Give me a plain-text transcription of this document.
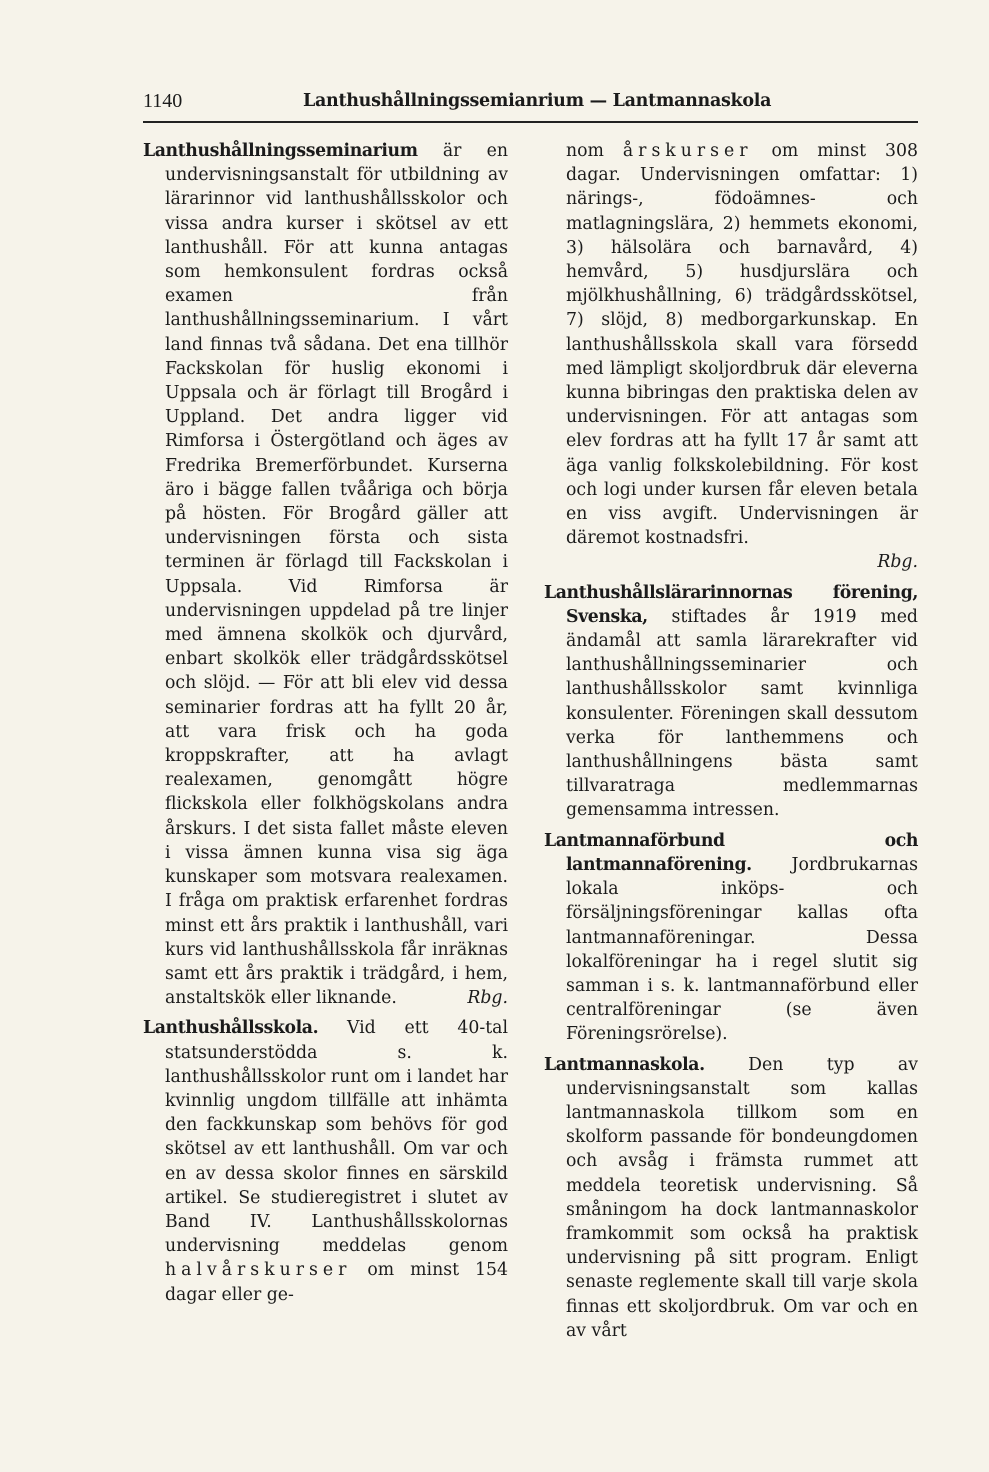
1140	Lanthushållningssemianrium — Lantmannaskola

Lanthushållningsseminarium är en undervisningsanstalt för utbildning av lärarinnor vid lanthushållsskolor och vissa andra kurser i skötsel av ett lanthushåll. För att kunna antagas som hemkonsulent fordras också examen från lanthushållningsseminarium. I vårt land finnas två sådana. Det ena tillhör Fackskolan för huslig ekonomi i Uppsala och är förlagt till Brogård i Uppland. Det andra ligger vid Rimforsa i Östergötland och äges av Fredrika Bremerförbundet. Kurserna äro i bägge fallen tvååriga och börja på hösten. För Brogård gäller att undervisningen första och sista terminen är förlagd till Fackskolan i Uppsala. Vid Rimforsa är undervisningen uppdelad på tre linjer med ämnena skolkök och djurvård, enbart skolkök eller trädgårdsskötsel och slöjd. — För att bli elev vid dessa seminarier fordras att ha fyllt 20 år, att vara frisk och ha goda kroppskrafter, att ha avlagt realexamen, genomgått högre flickskola eller folkhögskolans andra årskurs. I det sista fallet måste eleven i vissa ämnen kunna visa sig äga kunskaper som motsvara realexamen. I fråga om praktisk erfarenhet fordras minst ett års praktik i lanthushåll, vari kurs vid lanthushållsskola får inräknas samt ett års praktik i trädgård, i hem, anstaltskök eller liknande.	Rbg.

Lanthushållsskola. Vid ett 40-tal statsunderstödda s. k. lanthushållsskolor runt om i landet har kvinnlig ungdom tillfälle att inhämta den fackkunskap som behövs för god skötsel av ett lanthushåll. Om var och en av dessa skolor finnes en särskild artikel. Se studieregistret i slutet av Band IV. Lanthushållsskolornas undervisning meddelas genom halvårskurser om minst 154 dagar eller ge-

nom årskurser om minst 308 dagar. Undervisningen omfattar: 1) närings-, födoämnes- och matlagningslära, 2) hemmets ekonomi, 3) hälsolära och barnavård, 4) hemvård, 5) husdjurslära och mjölkhushållning, 6) trädgårdsskötsel, 7) slöjd, 8) medborgarkunskap. En lanthushållsskola skall vara försedd med lämpligt skoljordbruk där eleverna kunna bibringas den praktiska delen av undervisningen. För att antagas som elev fordras att ha fyllt 17 år samt att äga vanlig folkskolebildning. För kost och logi under kursen får eleven betala en viss avgift. Undervisningen är däremot kostnadsfri.
Rbg.

Lanthushållslärarinnornas förening, Svenska, stiftades år 1919 med ändamål att samla lärarekrafter vid lanthushållningsseminarier och lanthushållsskolor samt kvinnliga konsulenter. Föreningen skall dessutom verka för lanthemmens och lanthushållningens bästa samt tillvaratraga medlemmarnas gemensamma intressen.

Lantmannaförbund och lantmannaförening. Jordbrukarnas lokala inköps- och försäljningsföreningar kallas ofta lantmannaföreningar. Dessa lokalföreningar ha i regel slutit sig samman i s. k. lantmannaförbund eller centralföreningar (se även Föreningsrörelse).

Lantmannaskola. Den typ av undervisningsanstalt som kallas lantmannaskola tillkom som en skolform passande för bondeungdomen och avsåg i främsta rummet att meddela teoretisk undervisning. Så småningom ha dock lantmannaskolor framkommit som också ha praktisk undervisning på sitt program. Enligt senaste reglemente skall till varje skola finnas ett skoljordbruk. Om var och en av vårt
